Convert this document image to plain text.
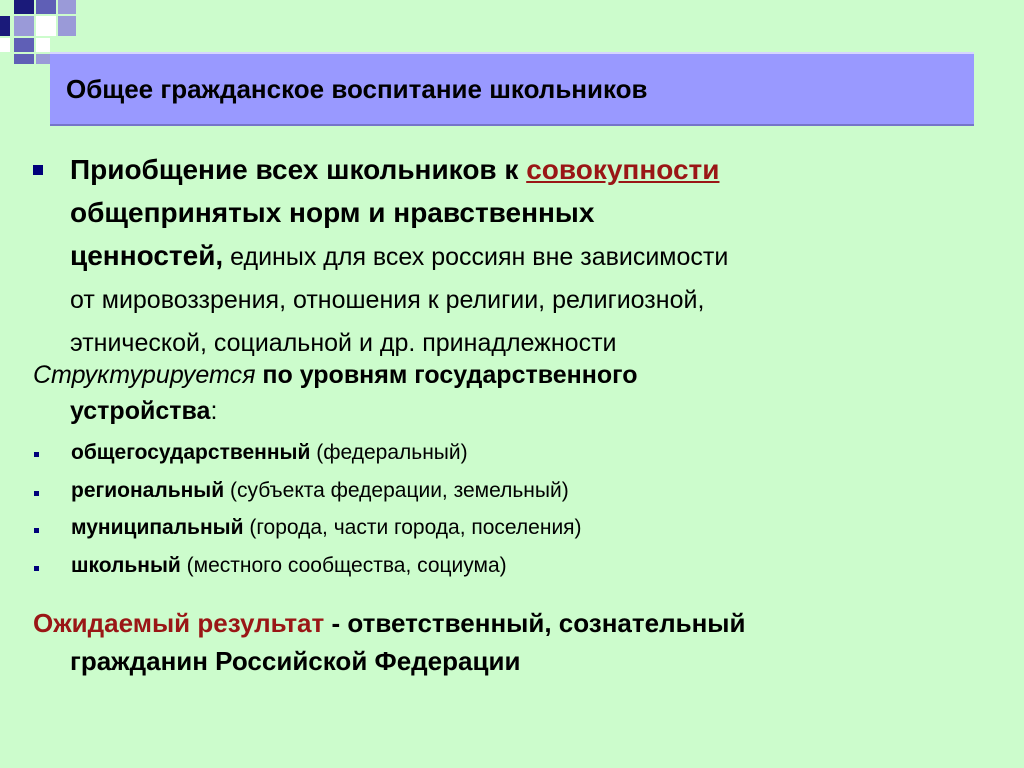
Общее гражданское воспитание школьников
Приобщение всех школьников к совокупности
общепринятых норм и нравственных
ценностей, единых для всех россиян вне зависимости
от мировоззрения, отношения к религии, религиозной,
этнической, социальной и др. принадлежности
Структурируется по уровням государственного
устройства:
общегосударственный (федеральный)
региональный (субъекта федерации, земельный)
муниципальный (города, части города, поселения)
школьный (местного сообщества, социума)
Ожидаемый результат - ответственный, сознательный
гражданин Российской Федерации
